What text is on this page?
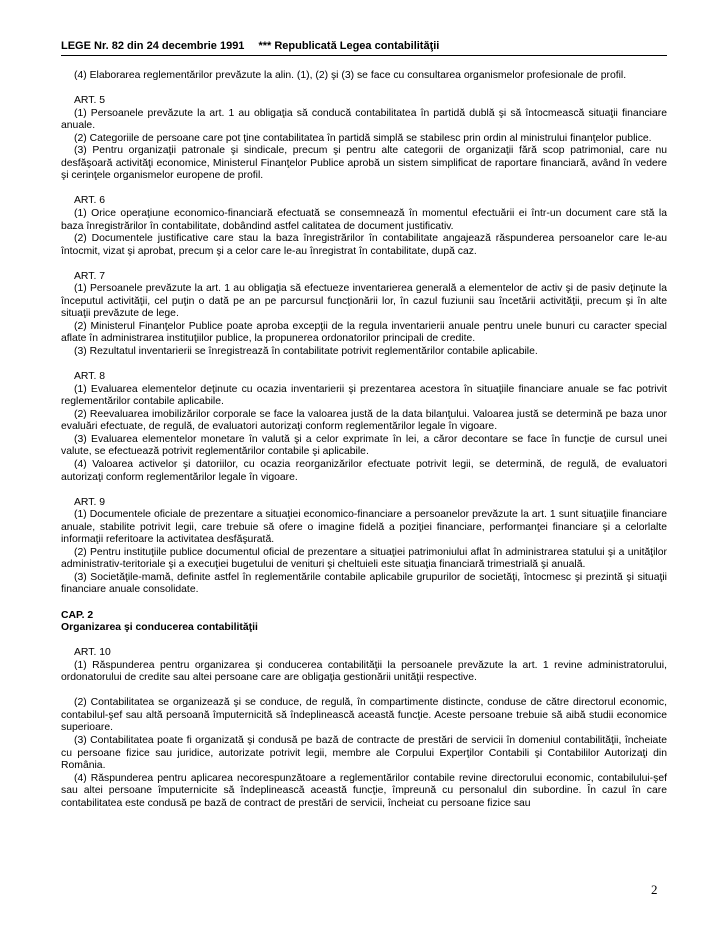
LEGE Nr. 82 din 24 decembrie 1991 *** Republicată Legea contabilităţii

(4) Elaborarea reglementărilor prevăzute la alin. (1), (2) şi (3) se face cu consultarea organismelor profesionale de profil.

ART. 5

(1) Persoanele prevăzute la art. 1 au obligaţia să conducă contabilitatea în partidă dublă şi să întocmească situaţii financiare anuale.

(2) Categoriile de persoane care pot ţine contabilitatea în partidă simplă se stabilesc prin ordin al ministrului finanţelor publice.

(3) Pentru organizaţii patronale şi sindicale, precum şi pentru alte categorii de organizaţii fără scop patrimonial, care nu desfăşoară activităţi economice, Ministerul Finanţelor Publice aprobă un sistem simplificat de raportare financiară, având în vedere şi cerinţele organismelor europene de profil.

ART. 6

(1) Orice operaţiune economico-financiară efectuată se consemnează în momentul efectuării ei într-un document care stă la baza înregistrărilor în contabilitate, dobândind astfel calitatea de document justificativ.

(2) Documentele justificative care stau la baza înregistrărilor în contabilitate angajează răspunderea persoanelor care le-au întocmit, vizat şi aprobat, precum şi a celor care le-au înregistrat în contabilitate, după caz.

ART. 7

(1) Persoanele prevăzute la art. 1 au obligaţia să efectueze inventarierea generală a elementelor de activ şi de pasiv deţinute la începutul activităţii, cel puţin o dată pe an pe parcursul funcţionării lor, în cazul fuziunii sau încetării activităţii, precum şi în alte situaţii prevăzute de lege.

(2) Ministerul Finanţelor Publice poate aproba excepţii de la regula inventarierii anuale pentru unele bunuri cu caracter special aflate în administrarea instituţiilor publice, la propunerea ordonatorilor principali de credite.

(3) Rezultatul inventarierii se înregistrează în contabilitate potrivit reglementărilor contabile aplicabile.

ART. 8

(1) Evaluarea elementelor deţinute cu ocazia inventarierii şi prezentarea acestora în situaţiile financiare anuale se fac potrivit reglementărilor contabile aplicabile.

(2) Reevaluarea imobilizărilor corporale se face la valoarea justă de la data bilanţului. Valoarea justă se determină pe baza unor evaluări efectuate, de regulă, de evaluatori autorizaţi conform reglementărilor legale în vigoare.

(3) Evaluarea elementelor monetare în valută şi a celor exprimate în lei, a căror decontare se face în funcţie de cursul unei valute, se efectuează potrivit reglementărilor contabile şi aplicabile.

(4) Valoarea activelor şi datoriilor, cu ocazia reorganizărilor efectuate potrivit legii, se determină, de regulă, de evaluatori autorizaţi conform reglementărilor legale în vigoare.

ART. 9

(1) Documentele oficiale de prezentare a situaţiei economico-financiare a persoanelor prevăzute la art. 1 sunt situaţiile financiare anuale, stabilite potrivit legii, care trebuie să ofere o imagine fidelă a poziţiei financiare, performanţei financiare şi a celorlalte informaţii referitoare la activitatea desfăşurată.

(2) Pentru instituţiile publice documentul oficial de prezentare a situaţiei patrimoniului aflat în administrarea statului şi a unităţilor administrativ-teritoriale şi a execuţiei bugetului de venituri şi cheltuieli este situaţia financiară trimestrială şi anuală.

(3) Societăţile-mamă, definite astfel în reglementările contabile aplicabile grupurilor de societăţi, întocmesc şi prezintă şi situaţii financiare anuale consolidate.

CAP. 2

Organizarea şi conducerea contabilităţii

ART. 10

(1) Răspunderea pentru organizarea şi conducerea contabilităţii la persoanele prevăzute la art. 1 revine administratorului, ordonatorului de credite sau altei persoane care are obligaţia gestionării unităţii respective.

(2) Contabilitatea se organizează şi se conduce, de regulă, în compartimente distincte, conduse de către directorul economic, contabilul-şef sau altă persoană împuternicită să îndeplinească această funcţie. Aceste persoane trebuie să aibă studii economice superioare.

(3) Contabilitatea poate fi organizată şi condusă pe bază de contracte de prestări de servicii în domeniul contabilităţii, încheiate cu persoane fizice sau juridice, autorizate potrivit legii, membre ale Corpului Experţilor Contabili şi Contabililor Autorizaţi din România.

(4) Răspunderea pentru aplicarea necorespunzătoare a reglementărilor contabile revine directorului economic, contabilului-şef sau altei persoane împuternicite să îndeplinească această funcţie, împreună cu personalul din subordine. În cazul în care contabilitatea este condusă pe bază de contract de prestări de servicii, încheiat cu persoane fizice sau

2
